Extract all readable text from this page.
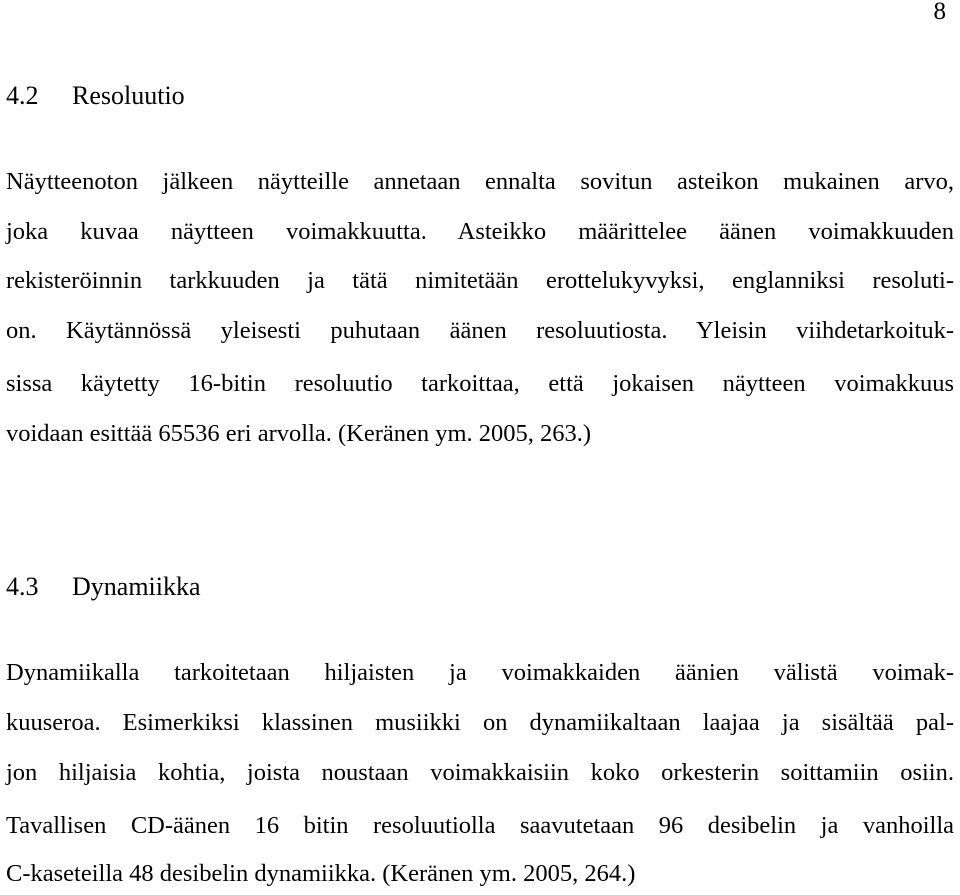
8
4.2 Resoluutio
Näytteenoton jälkeen näytteille annetaan ennalta sovitun asteikon mukainen arvo,
joka kuvaa näytteen voimakkuutta. Asteikko määrittelee äänen voimakkuuden
rekisteröinnin tarkkuuden ja tätä nimitetään erottelukyvyksi, englanniksi resoluti-
on. Käytännössä yleisesti puhutaan äänen resoluutiosta. Yleisin viihdetarkoituk-
sissa käytetty 16-bitin resoluutio tarkoittaa, että jokaisen näytteen voimakkuus
voidaan esittää 65536 eri arvolla. (Keränen ym. 2005, 263.)
4.3 Dynamiikka
Dynamiikalla tarkoitetaan hiljaisten ja voimakkaiden äänien välistä voimak-
kuuseroa. Esimerkiksi klassinen musiikki on dynamiikaltaan laajaa ja sisältää pal-
jon hiljaisia kohtia, joista noustaan voimakkaisiin koko orkesterin soittamiin osiin.
Tavallisen CD-äänen 16 bitin resoluutiolla saavutetaan 96 desibelin ja vanhoilla
C-kaseteilla 48 desibelin dynamiikka. (Keränen ym. 2005, 264.)
